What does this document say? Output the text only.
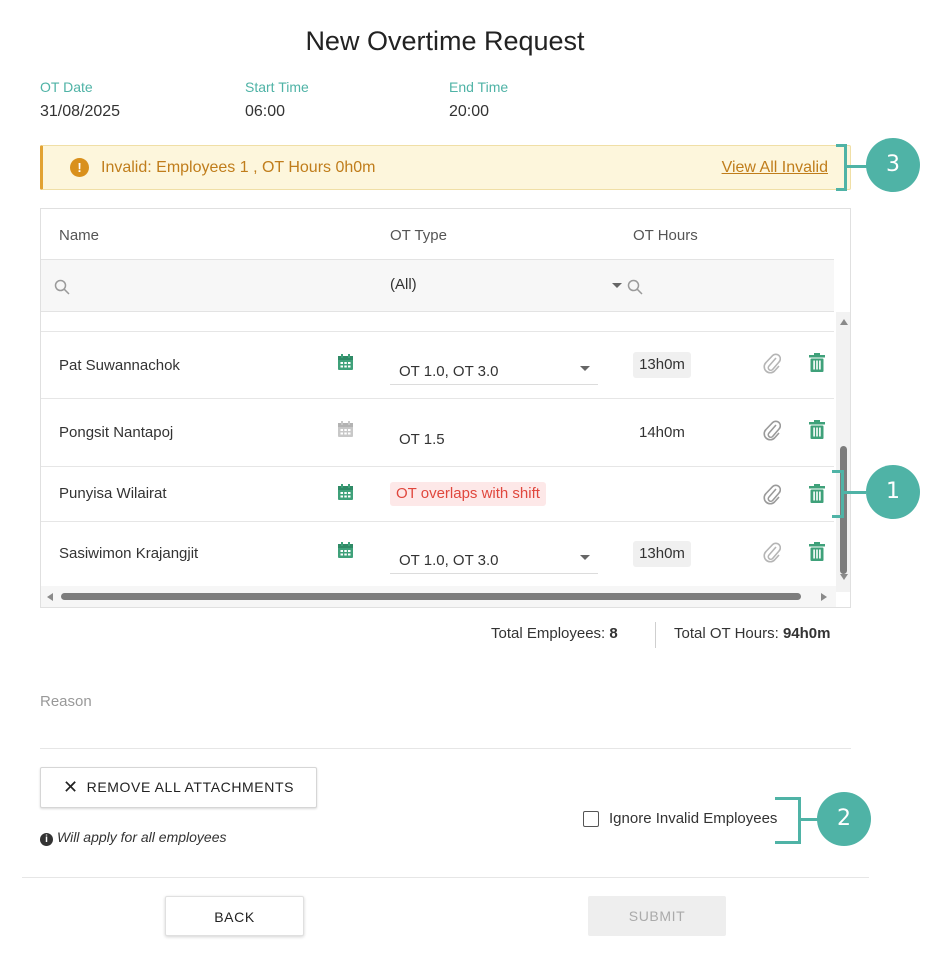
New Overtime Request
OT Date
31/08/2025
Start Time
06:00
End Time
20:00
!	Invalid: Employees 1 , OT Hours 0h0m	View All Invalid
Name	OT Type	OT Hours
(All)
Pat Suwannachok	OT 1.0, OT 3.0	13h0m
Pongsit Nantapoj	OT 1.5	14h0m
Punyisa Wilairat	OT overlaps with shift
Sasiwimon Krajangjit	OT 1.0, OT 3.0	13h0m
Total Employees: 8	Total OT Hours: 94h0m
Reason
✕ REMOVE ALL ATTACHMENTS
i Will apply for all employees
Ignore Invalid Employees
BACK	SUBMIT
3
1
2
